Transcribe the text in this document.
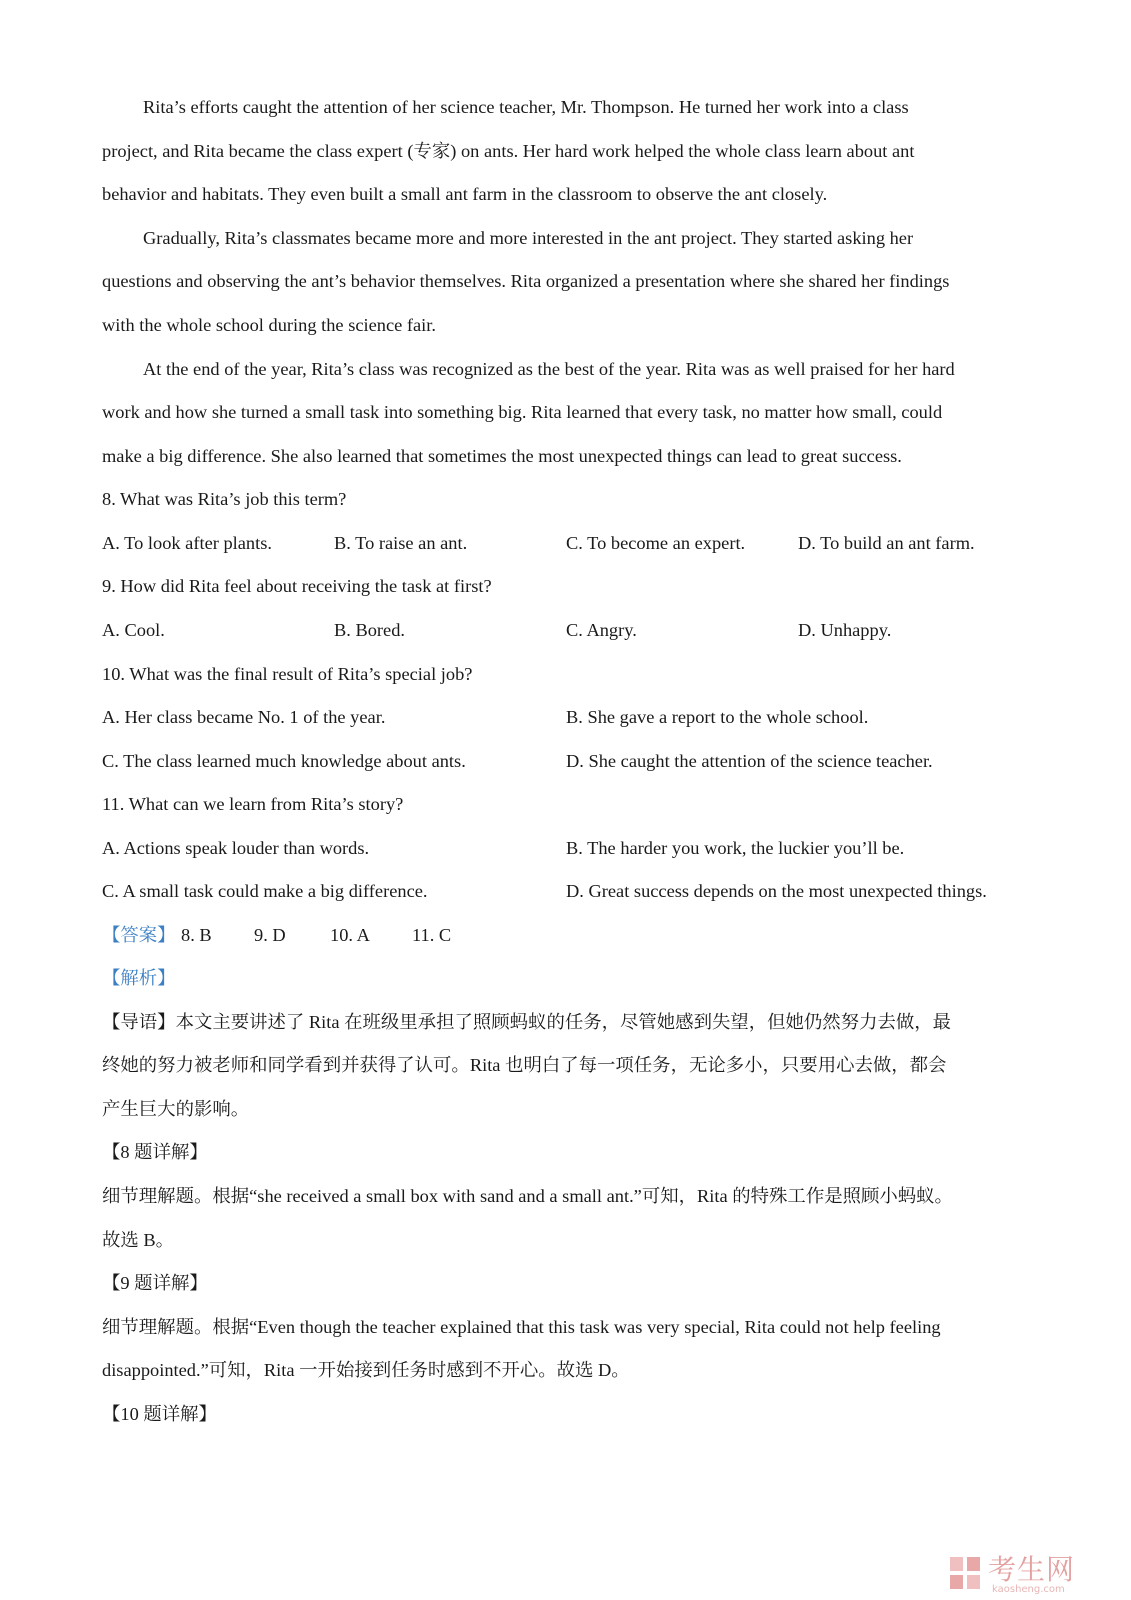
Rita’s efforts caught the attention of her science teacher, Mr. Thompson. He turned her work into a class
project, and Rita became the class expert (专家) on ants. Her hard work helped the whole class learn about ant
behavior and habitats. They even built a small ant farm in the classroom to observe the ant closely.
Gradually, Rita’s classmates became more and more interested in the ant project. They started asking her
questions and observing the ant’s behavior themselves. Rita organized a presentation where she shared her findings
with the whole school during the science fair.
At the end of the year, Rita’s class was recognized as the best of the year. Rita was as well praised for her hard
work and how she turned a small task into something big. Rita learned that every task, no matter how small, could
make a big difference. She also learned that sometimes the most unexpected things can lead to great success.
8. What was Rita’s job this term?
A. To look after plants.	B. To raise an ant.	C. To become an expert.	D. To build an ant farm.
9. How did Rita feel about receiving the task at first?
A. Cool.	B. Bored.	C. Angry.	D. Unhappy.
10. What was the final result of Rita’s special job?
A. Her class became No. 1 of the year.	B. She gave a report to the whole school.
C. The class learned much knowledge about ants.	D. She caught the attention of the science teacher.
11. What can we learn from Rita’s story?
A. Actions speak louder than words.	B. The harder you work, the luckier you’ll be.
C. A small task could make a big difference.	D. Great success depends on the most unexpected things.
【答案】 8. B 9. D 10. A 11. C
【解析】
【导语】本文主要讲述了 Rita 在班级里承担了照顾蚂蚁的任务，尽管她感到失望，但她仍然努力去做，最
终她的努力被老师和同学看到并获得了认可。Rita 也明白了每一项任务，无论多小，只要用心去做，都会
产生巨大的影响。
【8 题详解】
细节理解题。根据“she received a small box with sand and a small ant.”可知，Rita 的特殊工作是照顾小蚂蚁。
故选 B。
【9 题详解】
细节理解题。根据“Even though the teacher explained that this task was very special, Rita could not help feeling
disappointed.”可知，Rita 一开始接到任务时感到不开心。故选 D。
【10 题详解】
考生网
kaosheng.com
